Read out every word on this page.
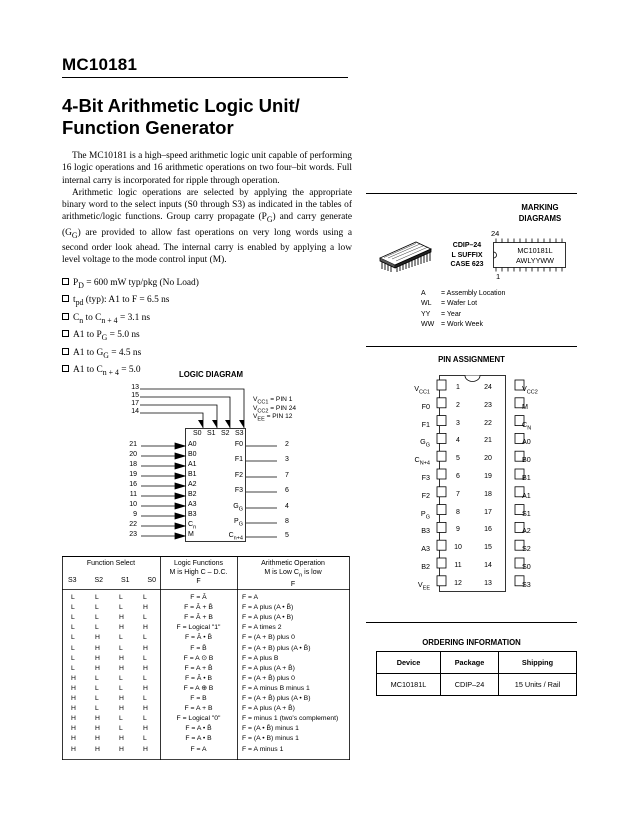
MC10181
4-Bit Arithmetic Logic Unit/
Function Generator

The MC10181 is a high–speed arithmetic logic unit capable of performing 16 logic operations and 16 arithmetic operations on two four–bit words. Full internal carry is incorporated for ripple through operation.

Arithmetic logic operations are selected by applying the appropriate binary word to the select inputs (S0 through S3) as indicated in the tables of arithmetic/logic functions. Group carry propagate $(P_G)$ and carry generate $(G_G)$ are provided to allow fast operations on very long words using a second order look ahead. The internal carry is enabled by applying a low level voltage to the mode control input (M).

$P_D = 600$ mW typ/pkg (No Load)
$t_{pd}$ (typ): A1 to F = 6.5 ns
$C_n$ to $C_{n + 4} = 3.1$ ns
A1 to $P_G = 5.0$ ns
A1 to $G_G = 4.5$ ns
A1 to $C_{n + 4} = 5.0$
MARKING
DIAGRAMS
CDIP–24
L SUFFIX
CASE 623
24
1
MC10181L
AWLYYWW
A = Assembly Location
WL = Wafer Lot
YY = Year
WW = Work Week
PIN ASSIGNMENT
$V_{CC1}$
1
F0	2
F1	3
$G_G$
4
$C_{N+4}$
5
F3	6
F2	7
$P_G$
8
B3	9
A3	10
B2	11
$V_{EE}$
12
24	$V_{CC2}$
23	M
22	$C_N$
21	A0
20	B0
19	B1
18	A1
17	S1
16	A2
15	S2
14	S0
13	S3
LOGIC DIAGRAM
13
15
17
14
S0 S1 S2 S3
$V_{CC1}$ = PIN 1
$V_{CC2}$ = PIN 24
$V_{EE}$ = PIN 12
21	A0
20	B0
18	A1
19	B1
16	A2
11	B2
10	A3
9	B3
22	$C_n$
23	M
2
F0
3
F1
7
F2
6
F3
4
$G_G$
8
$P_G$
5
$C_{n+4}$
Function Select
S3	S2	S1	S0
Logic Functions
M is High C – D.C.
F
Arithmetic Operation
M is Low $C_n$ is low
F
L	L	L	L	F = Ā	F = A
L	L	L	H	F = Ā + B̄	F = A plus (A • B̄)
L	L	H	L	F = Ā + B	F = A plus (A • B)
L	L	H	H	F = Logical "1"	F = A times 2
L	H	L	L	F = Ā • B̄	F = (A + B) plus 0
L	H	L	H	F = B̄	F = (A + B) plus (A • B̄)
L	H	H	L	F = A ⊙ B	F = A plus B
L	H	H	H	F = A + B̄	F = A plus (A + B̄)
H	L	L	L	F = Ā • B	F = (A + B̄) plus 0
H	L	L	H	F = A ⊕ B	F = A minus B minus 1
H	L	H	L	F = B	F = (A + B̄) plus (A • B)
H	L	H	H	F = A + B	F = A plus (A + B̄)
H	H	L	L	F = Logical "0"	F = minus 1 (two's complement)
H	H	L	H	F = A • B̄	F = (A • B̄) minus 1
H	H	H	L	F = A • B	F = (A • B) minus 1
H	H	H	H	F = A	F = A minus 1
ORDERING INFORMATION
Device	Package	Shipping
MC10181L	CDIP–24	15 Units / Rail
